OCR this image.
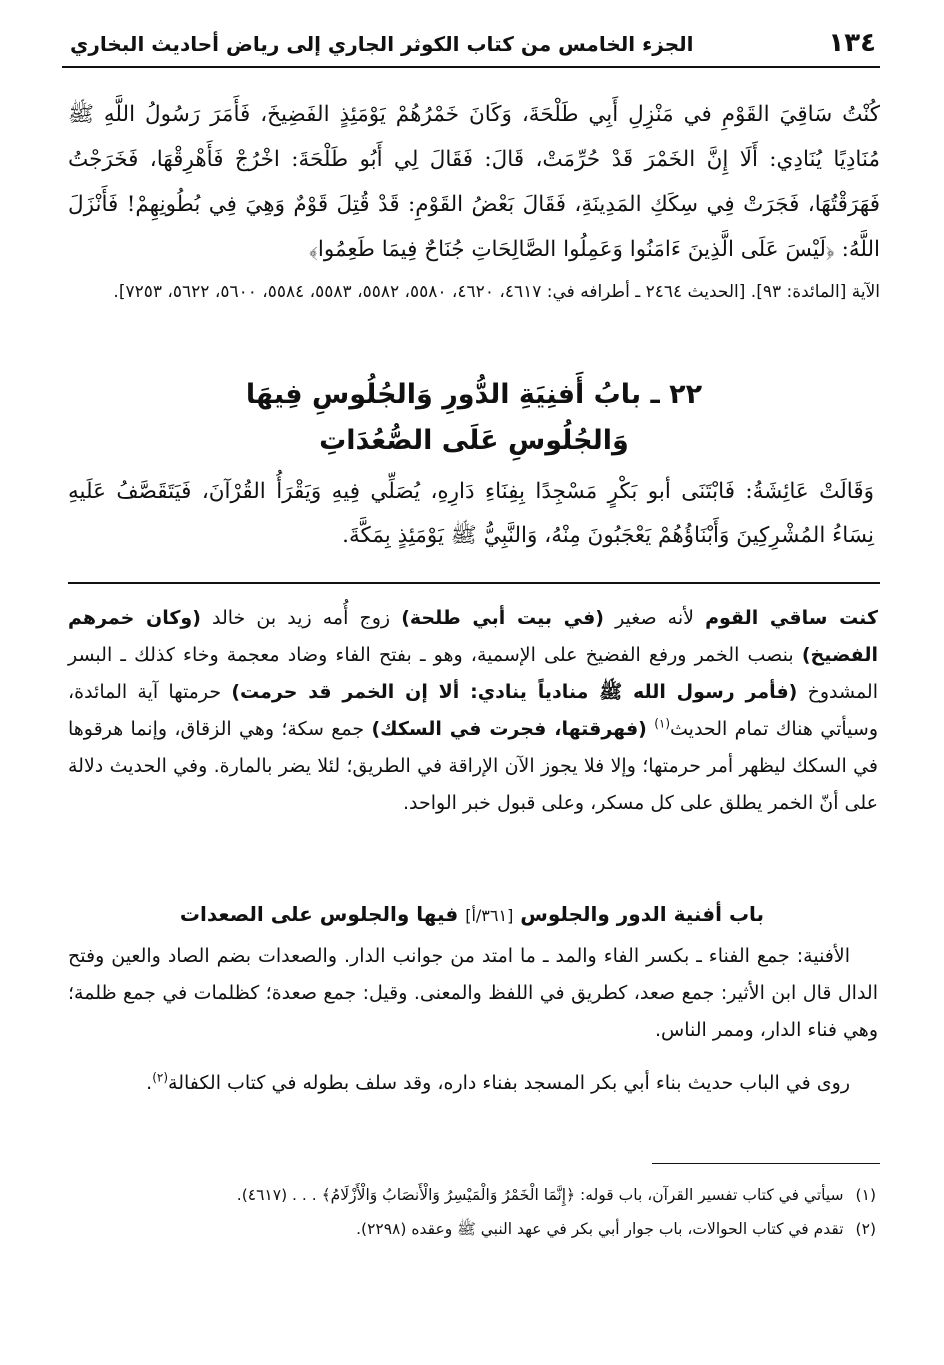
١٣٤
الجزء الخامس من كتاب الكوثر الجاري إلى رياض أحاديث البخاري

كُنْتُ سَاقِيَ القَوْمِ في مَنْزِلِ أَبِي طَلْحَةَ، وَكَانَ خَمْرُهُمْ يَوْمَئِذٍ الفَضِيخَ، فَأَمَرَ رَسُولُ اللَّهِ ﷺ مُنَادِيًا يُنَادِي: أَلَا إِنَّ الخَمْرَ قَدْ حُرِّمَتْ، قَالَ: فَقَالَ لِي أَبُو طَلْحَةَ: اخْرُجْ فَأَهْرِقْهَا، فَخَرَجْتُ فَهَرَقْتُهَا، فَجَرَتْ فِي سِكَكِ المَدِينَةِ، فَقَالَ بَعْضُ القَوْمِ: قَدْ قُتِلَ قَوْمٌ وَهِيَ فِي بُطُونِهِمْ! فَأَنْزَلَ اللَّهُ: ﴿لَيْسَ عَلَى الَّذِينَ ءَامَنُوا وَعَمِلُوا الصَّالِحَاتِ جُنَاحٌ فِيمَا طَعِمُوا﴾

الآية [المائدة: ٩٣]. [الحديث ٢٤٦٤ ـ أطرافه في: ٤٦١٧، ٤٦٢٠، ٥٥٨٠، ٥٥٨٢، ٥٥٨٣، ٥٥٨٤، ٥٦٠٠، ٥٦٢٢، ٧٢٥٣].

٢٢ ـ بابُ أَفنِيَةِ الدُّورِ وَالجُلُوسِ فِيهَا
وَالجُلُوسِ عَلَى الصُّعُدَاتِ

وَقَالَتْ عَائِشَةُ: فَابْتَنَى أبو بَكْرٍ مَسْجِدًا بِفِنَاءِ دَارِهِ، يُصَلِّي فِيهِ وَيَقْرَأُ القُرْآنَ، فَيَتَقَصَّفُ عَلَيهِ نِسَاءُ المُشْرِكِينَ وَأَبْنَاؤُهُمْ يَعْجَبُونَ مِنْهُ، وَالنَّبِيُّ ﷺ يَوْمَئِذٍ بِمَكَّةَ.

كنت ساقي القوم لأنه صغير (في بيت أبي طلحة) زوج أُمه زيد بن خالد (وكان خمرهم الفضيخ) بنصب الخمر ورفع الفضيخ على الإسمية، وهو ـ بفتح الفاء وضاد معجمة وخاء كذلك ـ البسر المشدوخ (فأمر رسول الله ﷺ منادياً ينادي: ألا إن الخمر قد حرمت) حرمتها آية المائدة، وسيأتي هناك تمام الحديث$^{(١)}$ (فهرقتها، فجرت في السكك) جمع سكة؛ وهي الزقاق، وإنما هرقوها في السكك ليظهر أمر حرمتها؛ وإلا فلا يجوز الآن الإراقة في الطريق؛ لئلا يضر بالمارة. وفي الحديث دلالة على أنّ الخمر يطلق على كل مسكر، وعلى قبول خبر الواحد.

باب أفنية الدور والجلوس [٣٦١/أ] فيها والجلوس على الصعدات

الأفنية: جمع الفناء ـ بكسر الفاء والمد ـ ما امتد من جوانب الدار. والصعدات بضم الصاد والعين وفتح الدال قال ابن الأثير: جمع صعد، كطريق في اللفظ والمعنى. وقيل: جمع صعدة؛ كظلمات في جمع ظلمة؛ وهي فناء الدار، وممر الناس.

روى في الباب حديث بناء أبي بكر المسجد بفناء داره، وقد سلف بطوله في كتاب الكفالة$^{(٢)}$.

(١)
سيأتي في كتاب تفسير القرآن، باب قوله: ﴿إِنَّمَا الْخَمْرُ وَالْمَيْسِرُ وَالْأَنصَابُ وَالْأَزْلَامُ﴾ . . . (٤٦١٧).
(٢)
تقدم في كتاب الحوالات، باب جوار أبي بكر في عهد النبي ﷺ وعقده (٢٢٩٨).
